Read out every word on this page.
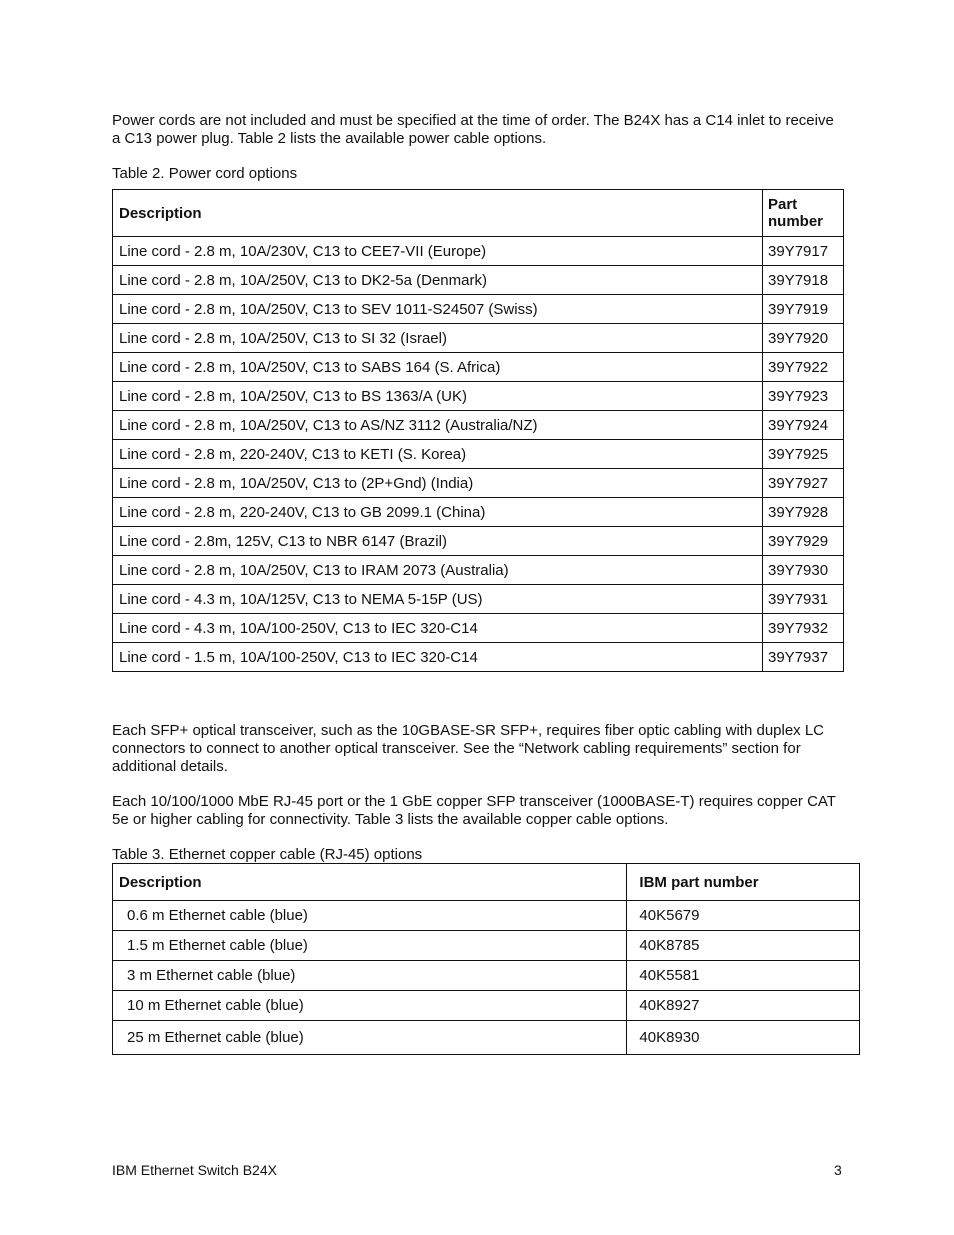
Power cords are not included and must be specified at the time of order. The B24X has a C14 inlet to receive a C13 power plug. Table 2 lists the available power cable options.

Table 2. Power cord options

Description	Part number
Line cord - 2.8 m, 10A/230V, C13 to CEE7-VII (Europe)	39Y7917
Line cord - 2.8 m, 10A/250V, C13 to DK2-5a (Denmark)	39Y7918
Line cord - 2.8 m, 10A/250V, C13 to SEV 1011-S24507 (Swiss)	39Y7919
Line cord - 2.8 m, 10A/250V, C13 to SI 32 (Israel)	39Y7920
Line cord - 2.8 m, 10A/250V, C13 to SABS 164 (S. Africa)	39Y7922
Line cord - 2.8 m, 10A/250V, C13 to BS 1363/A (UK)	39Y7923
Line cord - 2.8 m, 10A/250V, C13 to AS/NZ 3112 (Australia/NZ)	39Y7924
Line cord - 2.8 m, 220-240V, C13 to KETI (S. Korea)	39Y7925
Line cord - 2.8 m, 10A/250V, C13 to (2P+Gnd) (India)	39Y7927
Line cord - 2.8 m, 220-240V, C13 to GB 2099.1 (China)	39Y7928
Line cord - 2.8m, 125V, C13 to NBR 6147 (Brazil)	39Y7929
Line cord - 2.8 m, 10A/250V, C13 to IRAM 2073 (Australia)	39Y7930
Line cord - 4.3 m, 10A/125V, C13 to NEMA 5-15P (US)	39Y7931
Line cord - 4.3 m, 10A/100-250V, C13 to IEC 320-C14	39Y7932
Line cord - 1.5 m, 10A/100-250V, C13 to IEC 320-C14	39Y7937

Each SFP+ optical transceiver, such as the 10GBASE-SR SFP+, requires fiber optic cabling with duplex LC connectors to connect to another optical transceiver. See the “Network cabling requirements” section for additional details.

Each 10/100/1000 MbE RJ-45 port or the 1 GbE copper SFP transceiver (1000BASE-T) requires copper CAT 5e or higher cabling for connectivity. Table 3 lists the available copper cable options.

Table 3. Ethernet copper cable (RJ-45) options

Description	IBM part number
0.6 m Ethernet cable (blue)	40K5679
1.5 m Ethernet cable (blue)	40K8785
3 m Ethernet cable (blue)	40K5581
10 m Ethernet cable (blue)	40K8927
25 m Ethernet cable (blue)	40K8930
IBM Ethernet Switch B24X	3
